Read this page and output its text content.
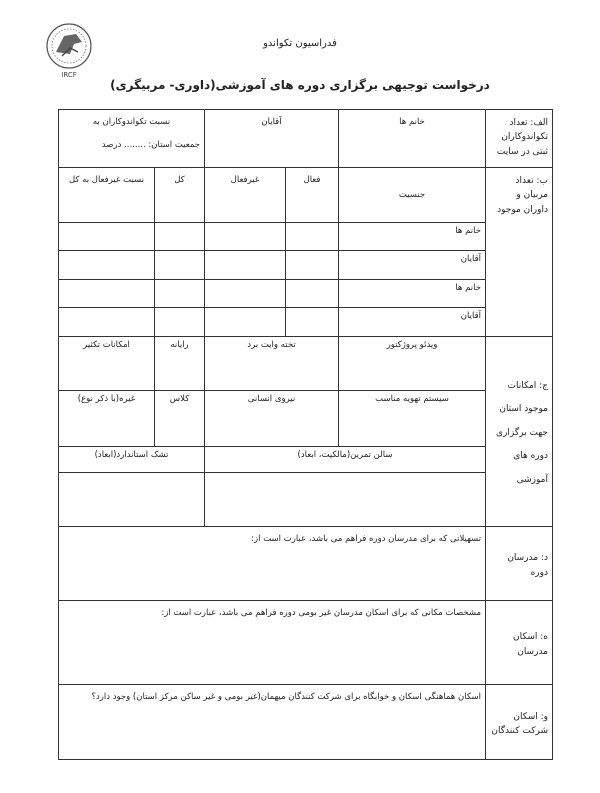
IRCF
فدراسیون تکواندو
درخواست توجیهی برگزاری دوره های آموزشی(داوری- مربیگری)
الف: تعداد تکواندوکاران ثبتی در سایت	خانم ها	آقایان		نسبت تکواندوکاران به
جمعیت استان: ........ درصد	

ب: تعداد مربیان و داوران موجود	جنسیت	فعال	غیرفعال	کل	نسبت غیرفعال به کل
	خانم ها				
	آقایان				
	خانم ها				
	آقایان				
ج: امکانات موجود استان جهت برگزاری دوره های آموزشی	ویدئو پروژکتور	تخته وایت برد		رایانه	امکانات تکثیر
	سیستم تهویه مناسب	نیروی انسانی		کلاس	غیره(با ذکر نوع)
	سالن تمرین(مالکیت، ابعاد)			تشک استاندارد(ابعاد)	

د: مدرسان دوره	تسهیلاتی که برای مدرسان دوره فراهم می باشد، عبارت است از:				
ه: اسکان مدرسان	مشخصات مکانی که برای اسکان مدرسان غیر بومی دوره فراهم می باشد، عبارت است از:				
و: اسکان شرکت کنندگان	اسکان هماهنگی اسکان و خوابگاه برای شرکت کنندگان میهمان(غیر بومی و غیر ساکن مرکز استان) وجود دارد؟				
